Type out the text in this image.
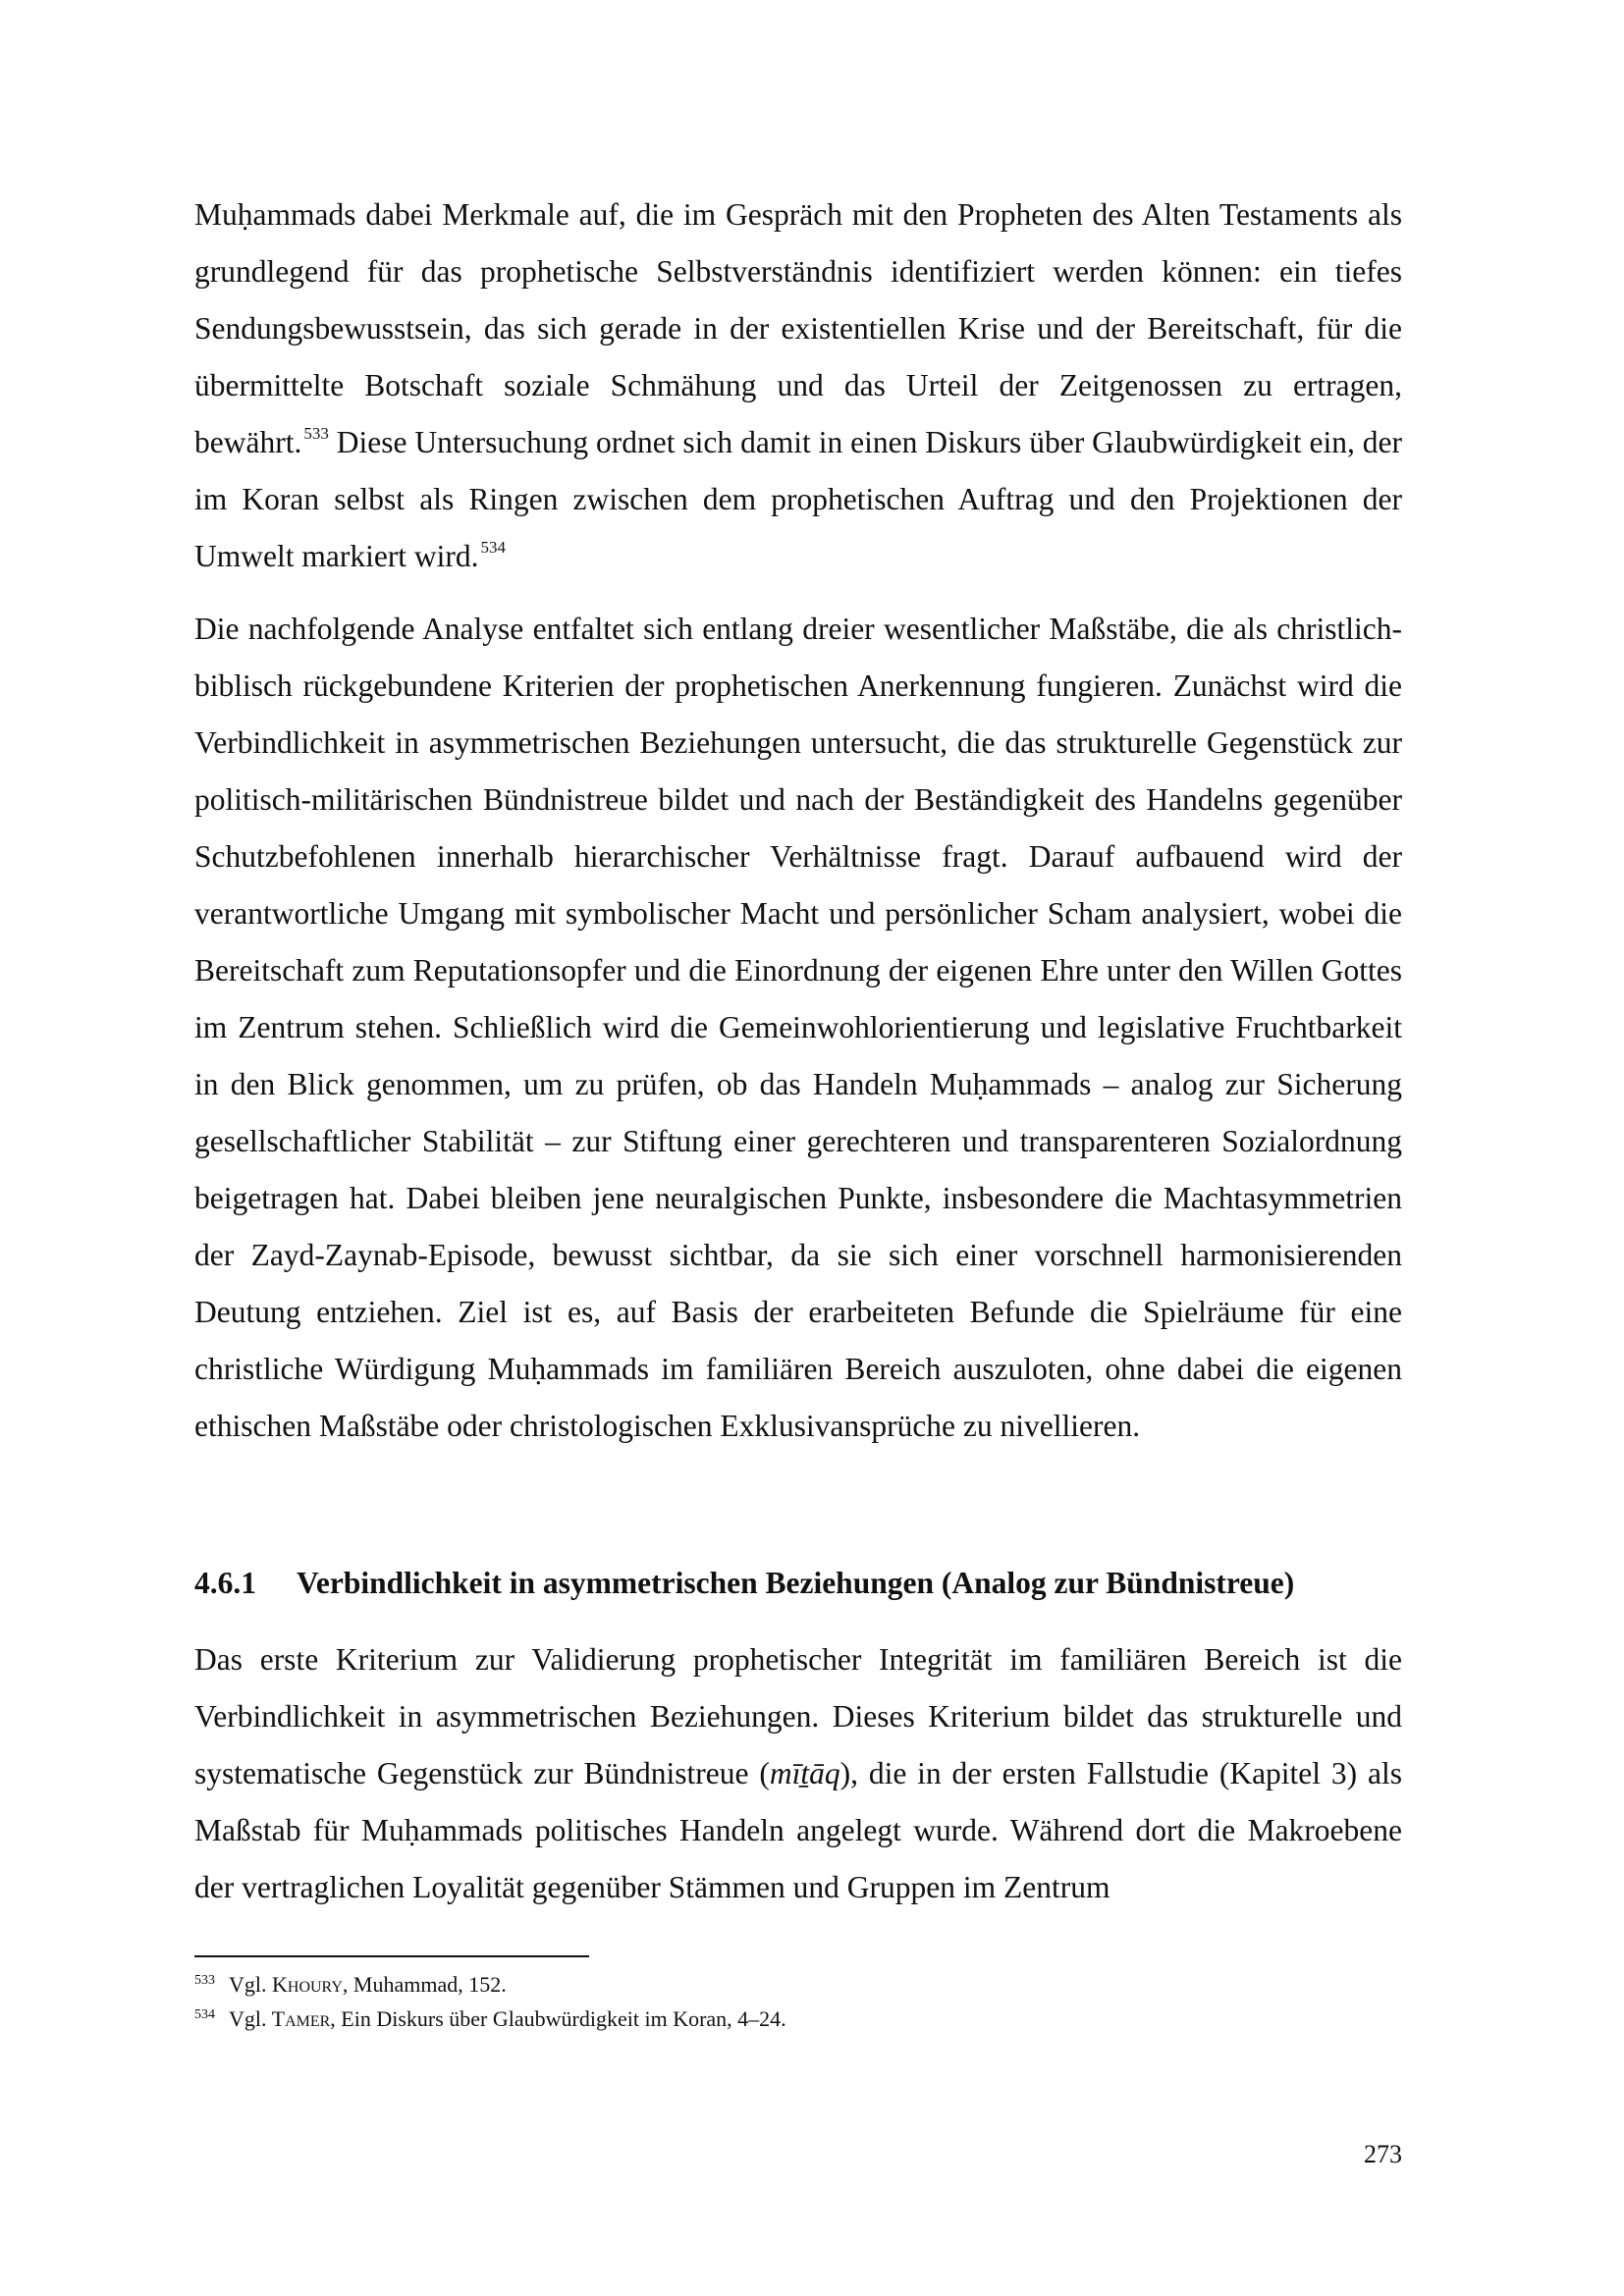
Muḥammads dabei Merkmale auf, die im Gespräch mit den Propheten des Alten Testaments als grundlegend für das prophetische Selbstverständnis identifiziert werden können: ein tiefes Sendungsbewusstsein, das sich gerade in der existentiellen Krise und der Bereitschaft, für die übermittelte Botschaft soziale Schmähung und das Urteil der Zeitgenossen zu ertragen, bewährt. $^{533}$ Diese Untersuchung ordnet sich damit in einen Diskurs über Glaubwürdigkeit ein, der im Koran selbst als Ringen zwischen dem prophetischen Auftrag und den Projektionen der Umwelt markiert wird. $^{534}$
Die nachfolgende Analyse entfaltet sich entlang dreier wesentlicher Maßstäbe, die als christlich-biblisch rückgebundene Kriterien der prophetischen Anerkennung fungieren. Zunächst wird die Verbindlichkeit in asymmetrischen Beziehungen untersucht, die das strukturelle Gegenstück zur politisch-militärischen Bündnistreue bildet und nach der Beständigkeit des Handelns gegenüber Schutzbefohlenen innerhalb hierarchischer Verhältnisse fragt. Darauf aufbauend wird der verantwortliche Umgang mit symbolischer Macht und persönlicher Scham analysiert, wobei die Bereitschaft zum Reputationsopfer und die Einordnung der eigenen Ehre unter den Willen Gottes im Zentrum stehen. Schließlich wird die Gemeinwohlorientierung und legislative Fruchtbarkeit in den Blick genommen, um zu prüfen, ob das Handeln Muḥammads – analog zur Sicherung gesellschaftlicher Stabilität – zur Stiftung einer gerechteren und transparenteren Sozialordnung beigetragen hat. Dabei bleiben jene neuralgischen Punkte, insbesondere die Machtasymmetrien der Zayd-Zaynab-Episode, bewusst sichtbar, da sie sich einer vorschnell harmonisierenden Deutung entziehen. Ziel ist es, auf Basis der erarbeiteten Befunde die Spielräume für eine christliche Würdigung Muḥammads im familiären Bereich auszuloten, ohne dabei die eigenen ethischen Maßstäbe oder christologischen Exklusivansprüche zu nivellieren.
4.6.1 Verbindlichkeit in asymmetrischen Beziehungen (Analog zur Bündnistreue)
Das erste Kriterium zur Validierung prophetischer Integrität im familiären Bereich ist die Verbindlichkeit in asymmetrischen Beziehungen. Dieses Kriterium bildet das strukturelle und systematische Gegenstück zur Bündnistreue (mīṯāq), die in der ersten Fallstudie (Kapitel 3) als Maßstab für Muḥammads politisches Handeln angelegt wurde. Während dort die Makroebene der vertraglichen Loyalität gegenüber Stämmen und Gruppen im Zentrum

$^{533}$ Vgl. KHOURY, Muhammad, 152.

$^{534}$ Vgl. TAMER, Ein Diskurs über Glaubwürdigkeit im Koran, 4–24.

273
